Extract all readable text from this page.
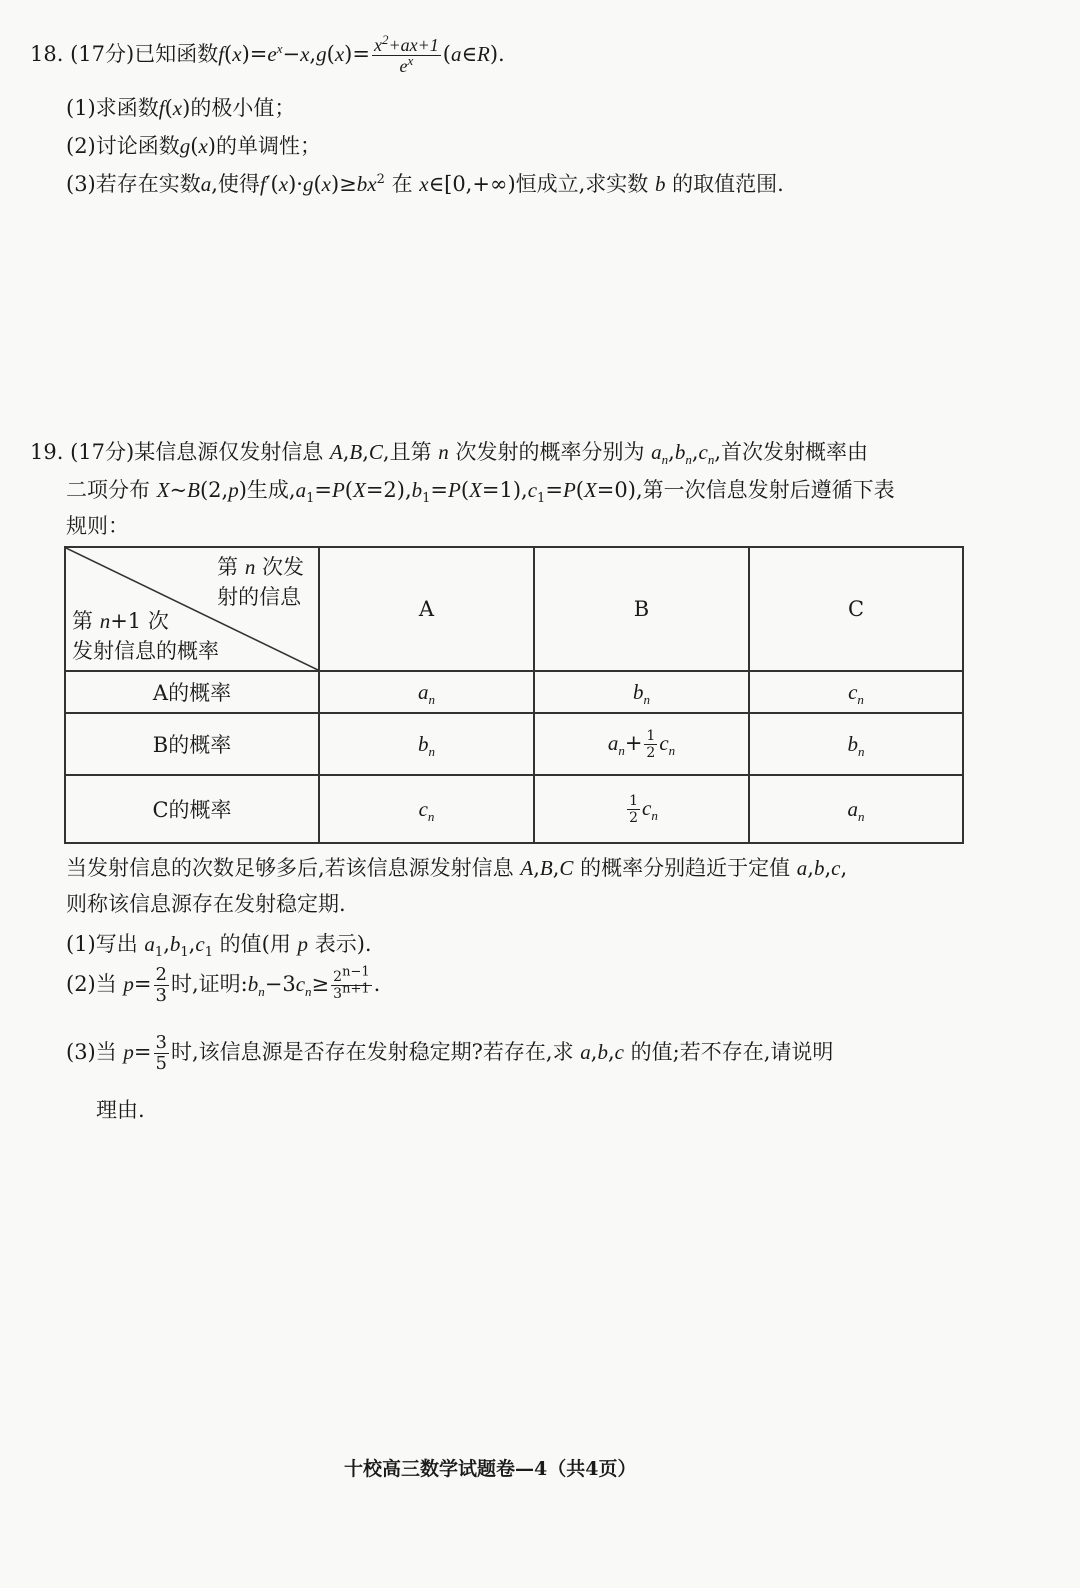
18. (17分)已知函数$f(x)=e^x-x,g(x)= \frac{x^2+ax+1}{e^x}$ (a∈R).
(1)求函数f(x)的极小值；
(2)讨论函数g(x)的单调性；
(3)若存在实数a,使得$f'(x)\cdot g(x)\ge bx^2$ 在 x∈[0,+∞)恒成立,求实数 b 的取值范围.
19. (17分)某信息源仅发射信息 A,B,C,且第 n 次发射的概率分别为 $a_n,b_n,c_n$,首次发射概率由
二项分布 X~B(2,p)生成$,a_1=P(X=2),b_1=P(X=1),c_1=P(X=0)$,第一次信息发射后遵循下表
规则：
第 n 次发
射的信息
第 n+1 次
发射信息的概率	A	B	C
A的概率	$a_n$	$b_n$	$c_n$
B的概率	$b_n$	$a_n+ \frac{1}{2} c_n$	$b_n$
C的概率	$c_n$	$\frac{1}{2} c_n$	$a_n$
当发射信息的次数足够多后,若该信息源发射信息 A,B,C 的概率分别趋近于定值 a,b,c,
则称该信息源存在发射稳定期.
(1)写出 $a_1,b_1,c_1$ 的值(用 p 表示).
(2)当 $p= \frac{2}{3}$ 时,证明$:b_n-3c_n\ge \frac{2^{n-1}}{3^{n+1}}$ .
(3)当 $p= \frac{3}{5}$ 时,该信息源是否存在发射稳定期?若存在,求 a,b,c 的值;若不存在,请说明
理由.
十校高三数学试题卷—4（共4页）
